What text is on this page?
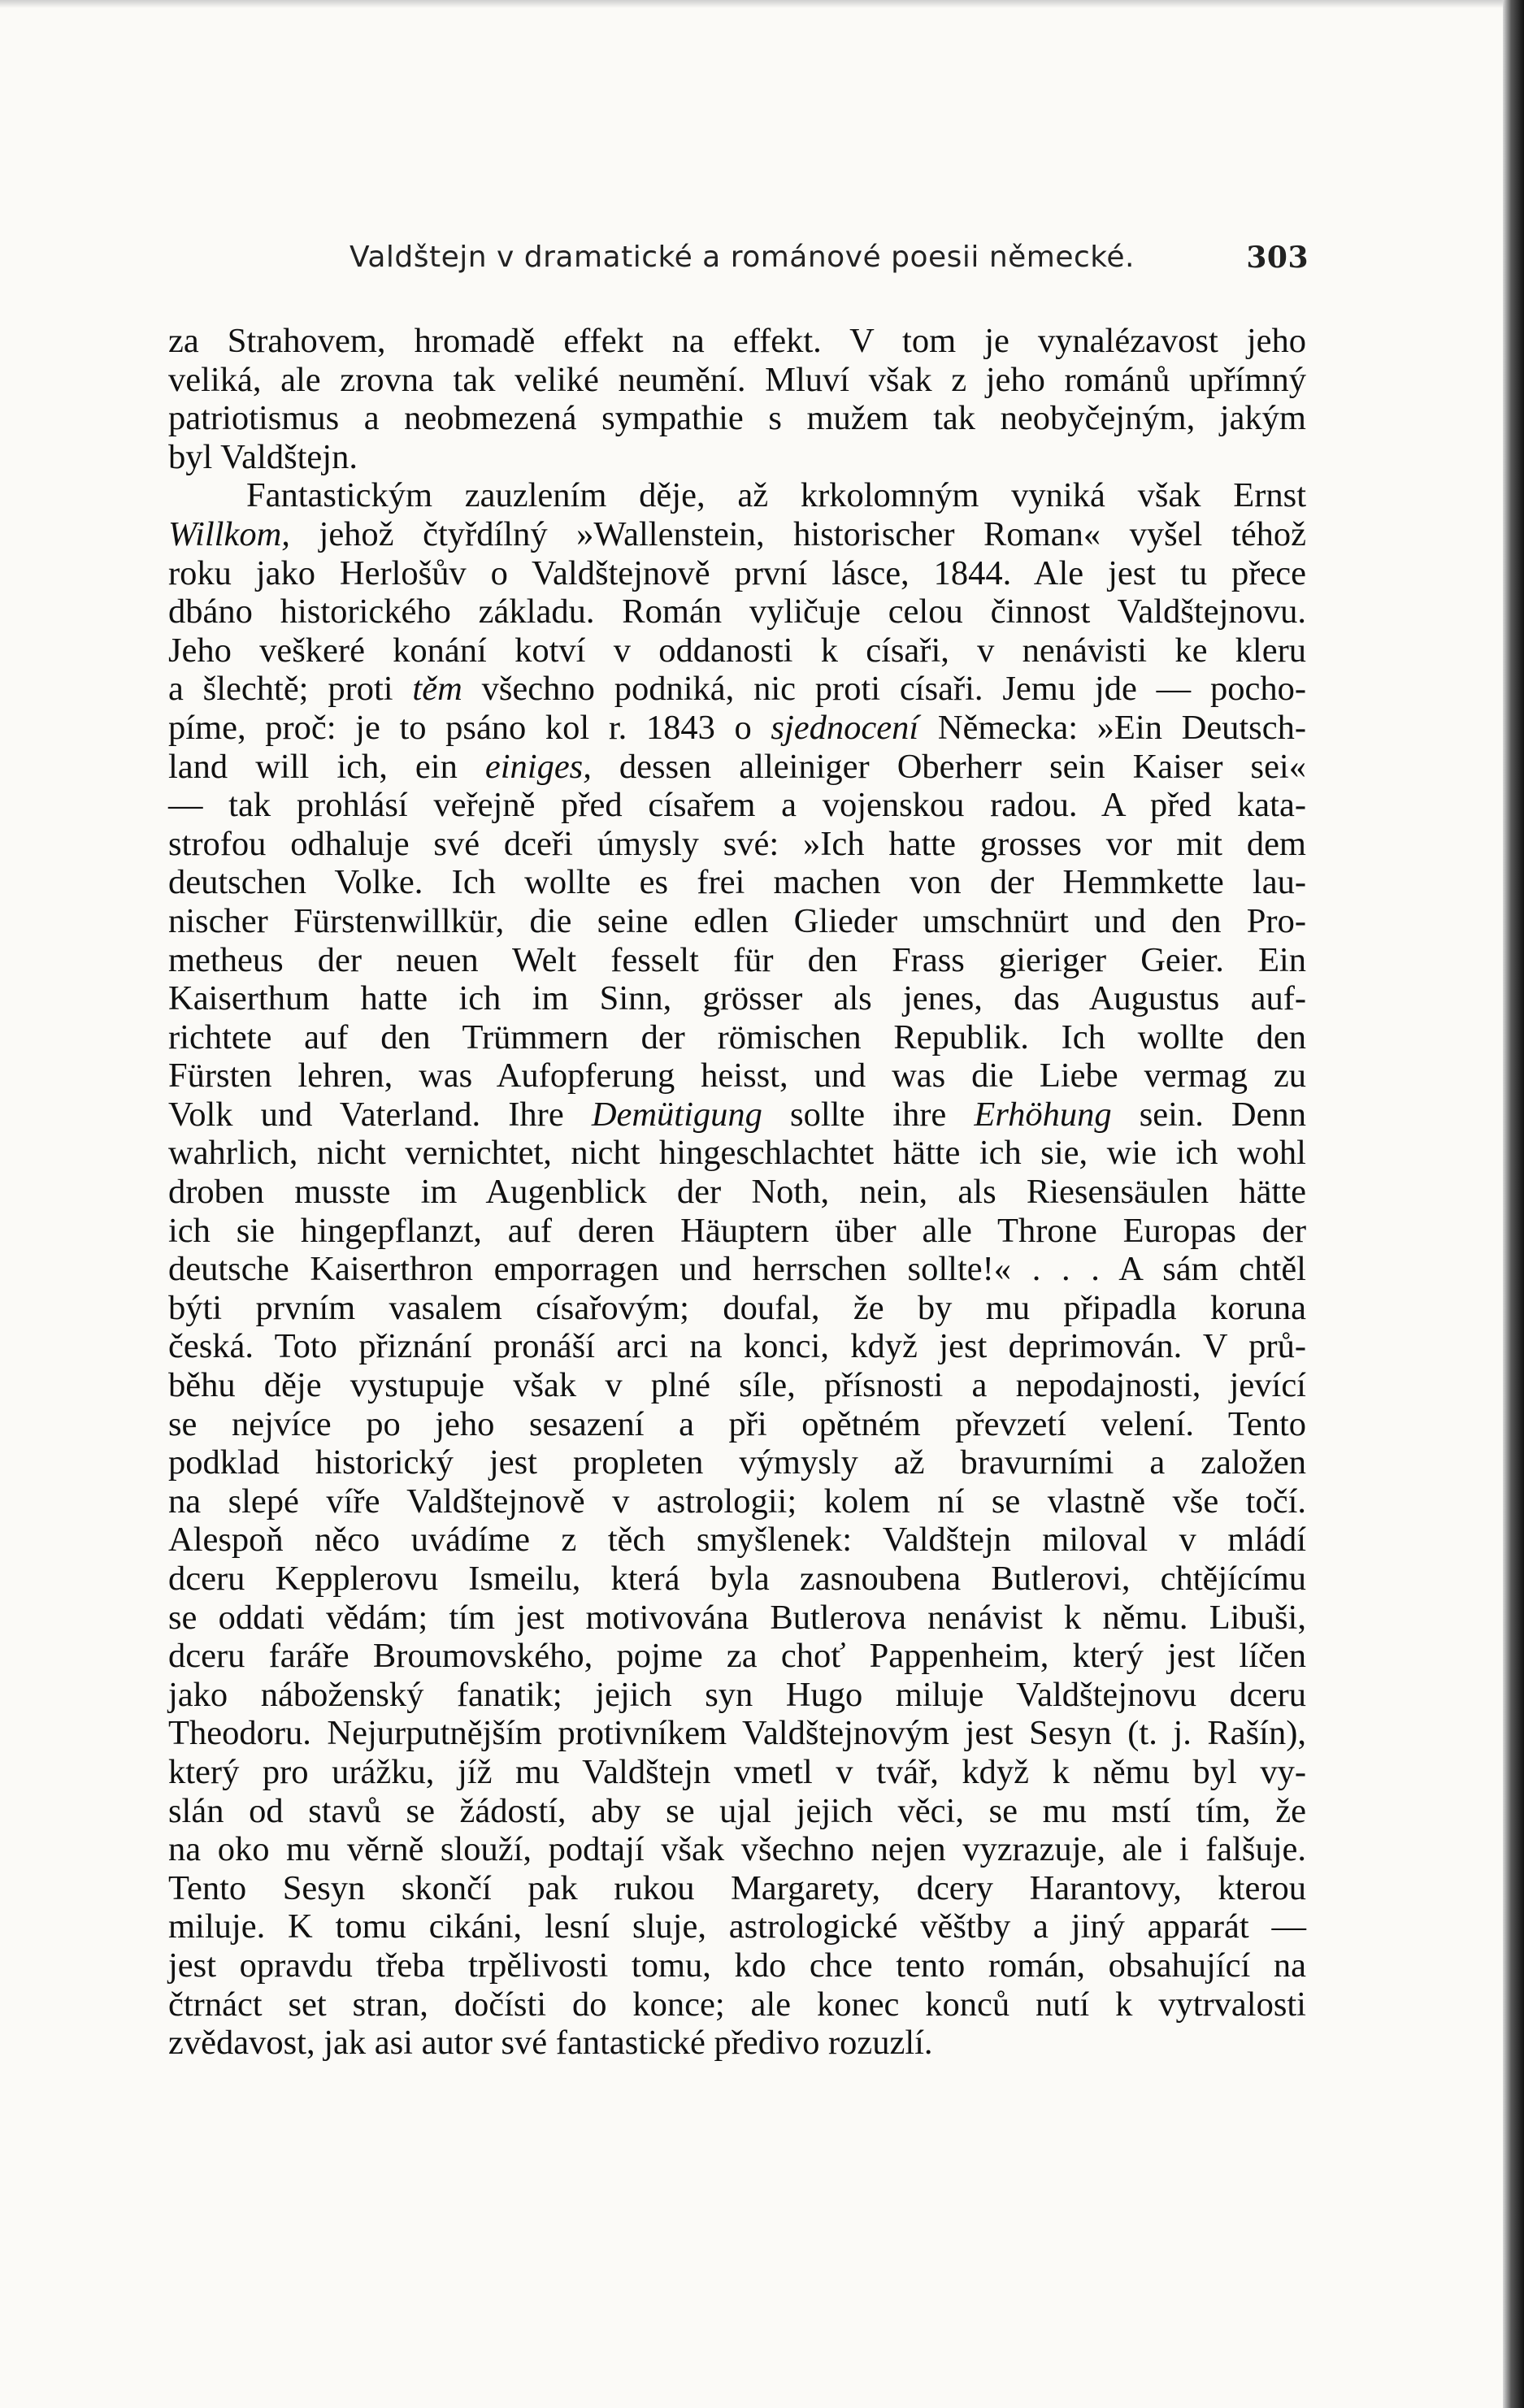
Valdštejn v dramatické a románové poesii německé.	303
za Strahovem, hromadě effekt na effekt. V tom je vynalézavost jeho
veliká, ale zrovna tak veliké neumění. Mluví však z jeho románů upřímný
patriotismus a neobmezená sympathie s mužem tak neobyčejným, jakým
byl Valdštejn.
Fantastickým zauzlením děje, až krkolomným vyniká však Ernst
Willkom, jehož čtyřdílný »Wallenstein, historischer Roman« vyšel téhož
roku jako Herlošův o Valdštejnově první lásce, 1844. Ale jest tu přece
dbáno historického základu. Román vyličuje celou činnost Valdštejnovu.
Jeho veškeré konání kotví v oddanosti k císaři, v nenávisti ke kleru
a šlechtě; proti těm všechno podniká, nic proti císaři. Jemu jde — pocho-
píme, proč: je to psáno kol r. 1843 o sjednocení Německa: »Ein Deutsch-
land will ich, ein einiges, dessen alleiniger Oberherr sein Kaiser sei«
— tak prohlásí veřejně před císařem a vojenskou radou. A před kata-
strofou odhaluje své dceři úmysly své: »Ich hatte grosses vor mit dem
deutschen Volke. Ich wollte es frei machen von der Hemmkette lau-
nischer Fürstenwillkür, die seine edlen Glieder umschnürt und den Pro-
metheus der neuen Welt fesselt für den Frass gieriger Geier. Ein
Kaiserthum hatte ich im Sinn, grösser als jenes, das Augustus auf-
richtete auf den Trümmern der römischen Republik. Ich wollte den
Fürsten lehren, was Aufopferung heisst, und was die Liebe vermag zu
Volk und Vaterland. Ihre Demütigung sollte ihre Erhöhung sein. Denn
wahrlich, nicht vernichtet, nicht hingeschlachtet hätte ich sie, wie ich wohl
droben musste im Augenblick der Noth, nein, als Riesensäulen hätte
ich sie hingepflanzt, auf deren Häuptern über alle Throne Europas der
deutsche Kaiserthron emporragen und herrschen sollte!« . . . A sám chtěl
býti prvním vasalem císařovým; doufal, že by mu připadla koruna
česká. Toto přiznání pronáší arci na konci, když jest deprimován. V prů-
běhu děje vystupuje však v plné síle, přísnosti a nepodajnosti, jevící
se nejvíce po jeho sesazení a při opětném převzetí velení. Tento
podklad historický jest propleten výmysly až bravurními a založen
na slepé víře Valdštejnově v astrologii; kolem ní se vlastně vše točí.
Alespoň něco uvádíme z těch smyšlenek: Valdštejn miloval v mládí
dceru Kepplerovu Ismeilu, která byla zasnoubena Butlerovi, chtějícímu
se oddati vědám; tím jest motivována Butlerova nenávist k němu. Libuši,
dceru faráře Broumovského, pojme za choť Pappenheim, který jest líčen
jako náboženský fanatik; jejich syn Hugo miluje Valdštejnovu dceru
Theodoru. Nejurputnějším protivníkem Valdštejnovým jest Sesyn (t. j. Rašín),
který pro urážku, jíž mu Valdštejn vmetl v tvář, když k němu byl vy-
slán od stavů se žádostí, aby se ujal jejich věci, se mu mstí tím, že
na oko mu věrně slouží, podtají však všechno nejen vyzrazuje, ale i falšuje.
Tento Sesyn skončí pak rukou Margarety, dcery Harantovy, kterou
miluje. K tomu cikáni, lesní sluje, astrologické věštby a jiný apparát —
jest opravdu třeba trpělivosti tomu, kdo chce tento román, obsahující na
čtrnáct set stran, dočísti do konce; ale konec konců nutí k vytrvalosti
zvědavost, jak asi autor své fantastické předivo rozuzlí.
